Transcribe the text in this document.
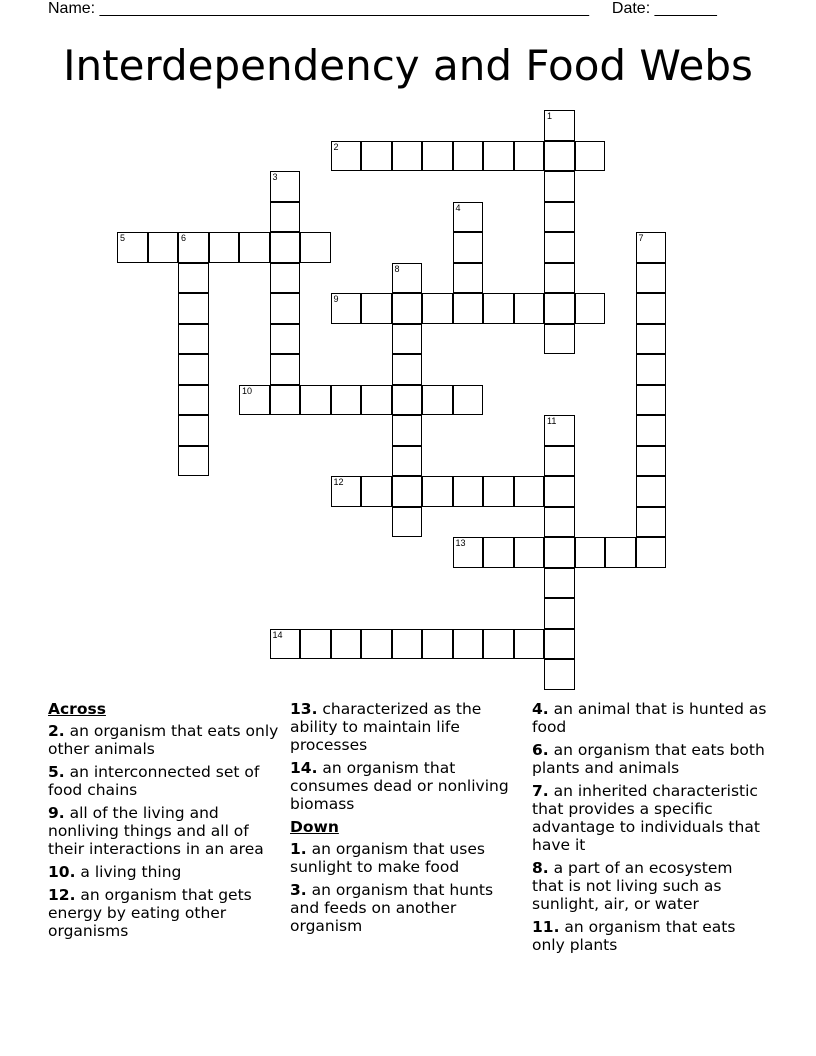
Name: _______________________________________________________ Date: _______
Interdependency and Food Webs
1
2
3
4
5	6	7
8
9
10
11
12
13
14
Across
2. an organism that eats only other animals
5. an interconnected set of food chains
9. all of the living and nonliving things and all of their interactions in an area
10. a living thing
12. an organism that gets energy by eating other organisms
13. characterized as the ability to maintain life processes
14. an organism that consumes dead or nonliving biomass
Down
1. an organism that uses sunlight to make food
3. an organism that hunts and feeds on another organism
4. an animal that is hunted as food
6. an organism that eats both plants and animals
7. an inherited characteristic that provides a specific advantage to individuals that have it
8. a part of an ecosystem that is not living such as sunlight, air, or water
11. an organism that eats only plants
